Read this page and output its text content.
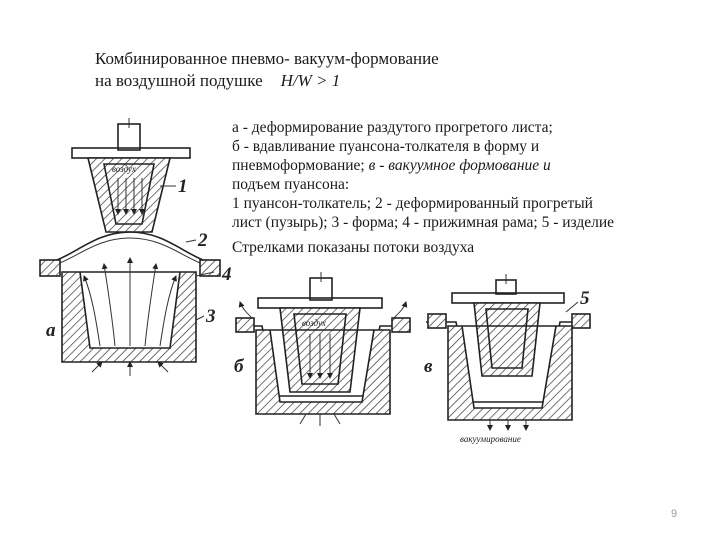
Комбинированное пневмо- вакуум-формование
на воздушной подушке H/W > 1

а - деформирование раздутого прогретого листа;

б - вдавливание пуансона-толкателя в форму и

пневмоформование; в - вакуумное формование и

подъем пуансона:

1 пуансон-толкатель; 2 - деформированный прогретый

лист (пузырь); 3 - форма; 4 - прижимная рама; 5 - изделие

Стрелками показаны потоки воздуха

воздух
1
2
4
3
а	воздух
б
вакуумирование
5
в
9
